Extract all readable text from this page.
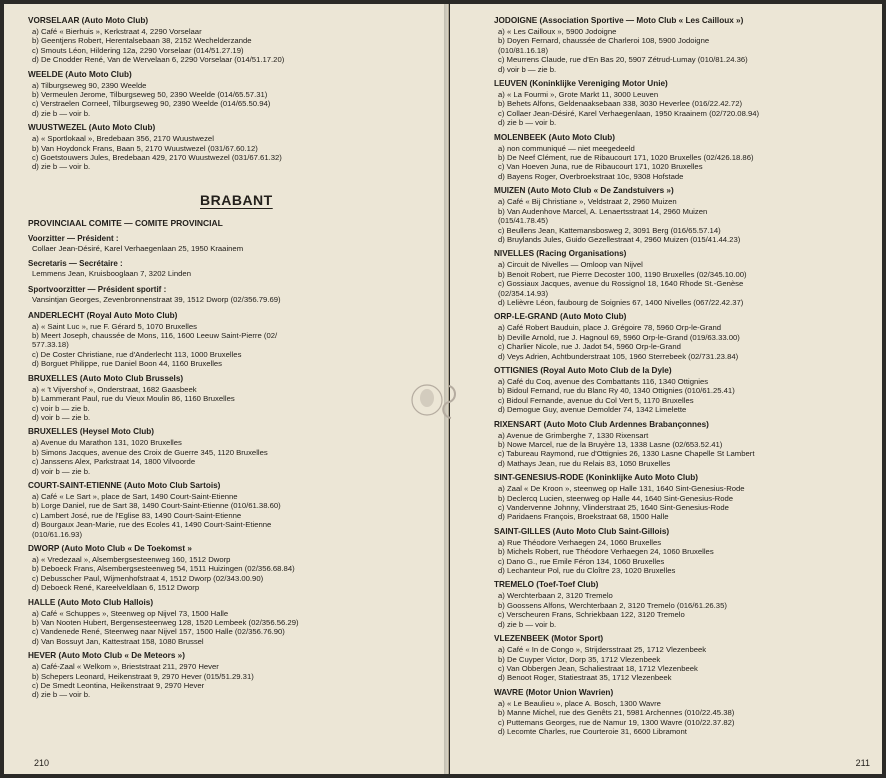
VORSELAAR (Auto Moto Club)
a) Café « Bierhuis », Kerkstraat 4, 2290 Vorselaar
b) Geentjens Robert, Herentalsebaan 38, 2152 Wechelderzande
c) Smouts Léon, Hildering 12a, 2290 Vorselaar (014/51.27.19)
d) De Cnodder René, Van de Wervelaan 6, 2290 Vorselaar (014/51.17.20)
WEELDE (Auto Moto Club)
a) Tilburgseweg 90, 2390 Weelde
b) Vermeulen Jerome, Tilburgseweg 50, 2390 Weelde (014/65.57.31)
c) Verstraelen Corneel, Tilburgseweg 90, 2390 Weelde (014/65.50.94)
d) zie b — voir b.
WUUSTWEZEL (Auto Moto Club)
a) « Sportlokaal », Bredebaan 356, 2170 Wuustwezel
b) Van Hoydonck Frans, Baan 5, 2170 Wuustwezel (031/67.60.12)
c) Goetstouwers Jules, Bredebaan 429, 2170 Wuustwezel (031/67.61.32)
d) zie b — voir b.
BRABANT
PROVINCIAAL COMITE — COMITE PROVINCIAL
Voorzitter — Président :
Collaer Jean-Désiré, Karel Verhaegenlaan 25, 1950 Kraainem
Secretaris — Secrétaire :
Lemmens Jean, Kruisbooglaan 7, 3202 Linden
Sportvoorzitter — Président sportif :
Vansintjan Georges, Zevenbronnenstraat 39, 1512 Dworp (02/356.79.69)
ANDERLECHT (Royal Auto Moto Club)
a) « Saint Luc », rue F. Gérard 5, 1070 Bruxelles
b) Meert Joseph, chaussée de Mons, 116, 1600 Leeuw Saint-Pierre (02/
577.33.18)
c) De Coster Christiane, rue d'Anderlecht 113, 1000 Bruxelles
d) Borguet Philippe, rue Daniel Boon 44, 1160 Bruxelles
BRUXELLES (Auto Moto Club Brussels)
a) « 't Vijvershof », Onderstraat, 1682 Gaasbeek
b) Lammerant Paul, rue du Vieux Moulin 86, 1160 Bruxelles
c) voir b — zie b.
d) voir b — zie b.
BRUXELLES (Heysel Moto Club)
a) Avenue du Marathon 131, 1020 Bruxelles
b) Simons Jacques, avenue des Croix de Guerre 345, 1120 Bruxelles
c) Janssens Alex, Parkstraat 14, 1800 Vilvoorde
d) voir b — zie b.
COURT-SAINT-ETIENNE (Auto Moto Club Sartois)
a) Café « Le Sart », place de Sart, 1490 Court-Saint-Etienne
b) Lorge Daniel, rue de Sart 38, 1490 Court-Saint-Etienne (010/61.38.60)
c) Lambert José, rue de l'Eglise 83, 1490 Court-Saint-Etienne
d) Bourgaux Jean-Marie, rue des Ecoles 41, 1490 Court-Saint-Etienne
(010/61.16.93)
DWORP (Auto Moto Club « De Toekomst »
a) « Vredezaal », Alsembergsesteenweg 160, 1512 Dworp
b) Deboeck Frans, Alsembergsesteenweg 54, 1511 Huizingen (02/356.68.84)
c) Debusscher Paul, Wijmenhofstraat 4, 1512 Dworp (02/343.00.90)
d) Deboeck René, Kareelveldlaan 6, 1512 Dworp
HALLE (Auto Moto Club Hallois)
a) Café « Schuppes », Steenweg op Nijvel 73, 1500 Halle
b) Van Nooten Hubert, Bergensesteenweg 128, 1520 Lembeek (02/356.56.29)
c) Vandenede René, Steenweg naar Nijvel 157, 1500 Halle (02/356.76.90)
d) Van Bossuyt Jan, Kattestraat 158, 1080 Brussel
HEVER (Auto Moto Club « De Meteors »)
a) Café-Zaal « Welkom », Brieststraat 211, 2970 Hever
b) Schepers Leonard, Heikenstraat 9, 2970 Hever (015/51.29.31)
c) De Smedt Leontina, Heikenstraat 9, 2970 Hever
d) zie b — voir b.
210
JODOIGNE (Association Sportive — Moto Club « Les Cailloux »)
a) « Les Cailloux », 5900 Jodoigne
b) Doyen Fernard, chaussée de Charleroi 108, 5900 Jodoigne
(010/81.16.18)
c) Meurrens Claude, rue d'En Bas 20, 5907 Zétrud-Lumay (010/81.24.36)
d) voir b — zie b.
LEUVEN (Koninklijke Vereniging Motor Unie)
a) « La Fourmi », Grote Markt 11, 3000 Leuven
b) Behets Alfons, Geldenaaksebaan 338, 3030 Heverlee (016/22.42.72)
c) Collaer Jean-Désiré, Karel Verhaegenlaan, 1950 Kraainem (02/720.08.94)
d) zie b — voir b.
MOLENBEEK (Auto Moto Club)
a) non communiqué — niet meegedeeld
b) De Neef Clément, rue de Ribaucourt 171, 1020 Bruxelles (02/426.18.86)
c) Van Hoeven Juna, rue de Ribaucourt 171, 1020 Bruxelles
d) Bayens Roger, Overbroekstraat 10c, 9308 Hofstade
MUIZEN (Auto Moto Club « De Zandstuivers »)
a) Café « Bij Christiane », Veldstraat 2, 2960 Muizen
b) Van Audenhove Marcel, A. Lenaertsstraat 14, 2960 Muizen
(015/41.78.45)
c) Beullens Jean, Kattemansbosweg 2, 3091 Berg (016/65.57.14)
d) Bruylands Jules, Guido Gezellestraat 4, 2960 Muizen (015/41.44.23)
NIVELLES (Racing Organisations)
a) Circuit de Nivelles — Omloop van Nijvel
b) Benoit Robert, rue Pierre Decoster 100, 1190 Bruxelles (02/345.10.00)
c) Gossiaux Jacques, avenue du Rossignol 18, 1640 Rhode St.-Genèse
(02/354.14.93)
d) Lelièvre Léon, faubourg de Soignies 67, 1400 Nivelles (067/22.42.37)
ORP-LE-GRAND (Auto Moto Club)
a) Café Robert Bauduin, place J. Grégoire 78, 5960 Orp-le-Grand
b) Deville Arnold, rue J. Hagnoul 69, 5960 Orp-le-Grand (019/63.33.00)
c) Charlier Nicole, rue J. Jadot 54, 5960 Orp-le-Grand
d) Veys Adrien, Achtbunderstraat 105, 1960 Sterrebeek (02/731.23.84)
OTTIGNIES (Royal Auto Moto Club de la Dyle)
a) Café du Coq, avenue des Combattants 116, 1340 Ottignies
b) Bidoul Fernand, rue du Blanc Ry 40, 1340 Ottignies (010/61.25.41)
c) Bidoul Fernande, avenue du Col Vert 5, 1170 Bruxelles
d) Demogue Guy, avenue Demolder 74, 1342 Limelette
RIXENSART (Auto Moto Club Ardennes Brabançonnes)
a) Avenue de Grimberghe 7, 1330 Rixensart
b) Nowe Marcel, rue de la Bruyère 13, 1338 Lasne (02/653.52.41)
c) Tabureau Raymond, rue d'Ottignies 26, 1330 Lasne Chapelle St Lambert
d) Mathays Jean, rue du Relais 83, 1050 Bruxelles
SINT-GENESIUS-RODE (Koninklijke Auto Moto Club)
a) Zaal « De Kroon », steenweg op Halle 131, 1640 Sint-Genesius-Rode
b) Declercq Lucien, steenweg op Halle 44, 1640 Sint-Genesius-Rode
c) Vandervenne Johnny, Vlinderstraat 25, 1640 Sint-Genesius-Rode
d) Paridaens François, Broekstraat 68, 1500 Halle
SAINT-GILLES (Auto Moto Club Saint-Gillois)
a) Rue Théodore Verhaegen 24, 1060 Bruxelles
b) Michels Robert, rue Théodore Verhaegen 24, 1060 Bruxelles
c) Dano G., rue Emile Féron 134, 1060 Bruxelles
d) Lechanteur Pol, rue du Cloître 23, 1020 Bruxelles
TREMELO (Toef-Toef Club)
a) Werchterbaan 2, 3120 Tremelo
b) Goossens Alfons, Werchterbaan 2, 3120 Tremelo (016/61.26.35)
c) Verscheuren Frans, Schriekbaan 122, 3120 Tremelo
d) zie b — voir b.
VLEZENBEEK (Motor Sport)
a) Café « In de Congo », Strijdersstraat 25, 1712 Vlezenbeek
b) De Cuyper Victor, Dorp 35, 1712 Vlezenbeek
c) Van Obbergen Jean, Schaliestraat 18, 1712 Vlezenbeek
d) Benoot Roger, Statiestraat 35, 1712 Vlezenbeek
WAVRE (Motor Union Wavrien)
a) « Le Beaulieu », place A. Bosch, 1300 Wavre
b) Manne Michel, rue des Genêts 21, 5981 Archennes (010/22.45.38)
c) Puttemans Georges, rue de Namur 19, 1300 Wavre (010/22.37.82)
d) Lecomte Charles, rue Courteroie 31, 6600 Libramont
211
